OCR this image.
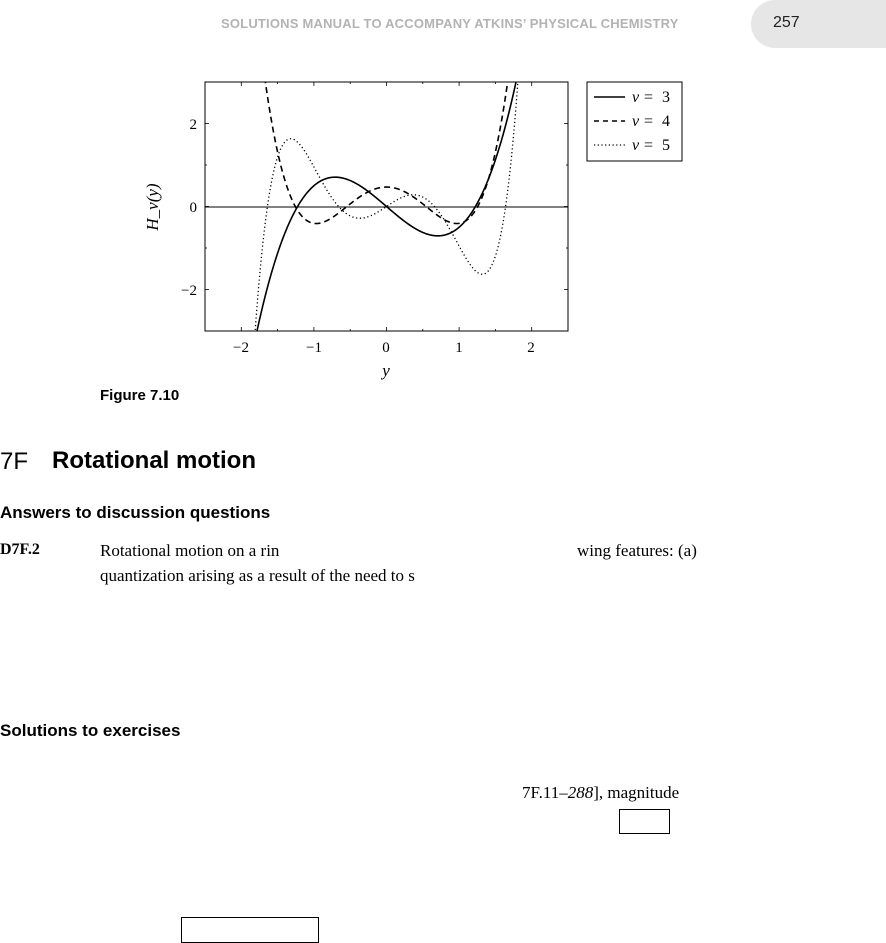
257
SOLUTIONS MANUAL TO ACCOMPANY ATKINS’ PHYSICAL CHEMISTRY
2
0
−2
−2	−1	0	1	2
y
H_v(y)
v = 3
v = 4
v = 5
Figure 7.10
7F Rotational motion
Answers to discussion questions
D7F.2	Rotational motion on a rin	wing features: (a)
quantization arising as a result of the need to s
Solutions to exercises
7F.11–288], magnitude
